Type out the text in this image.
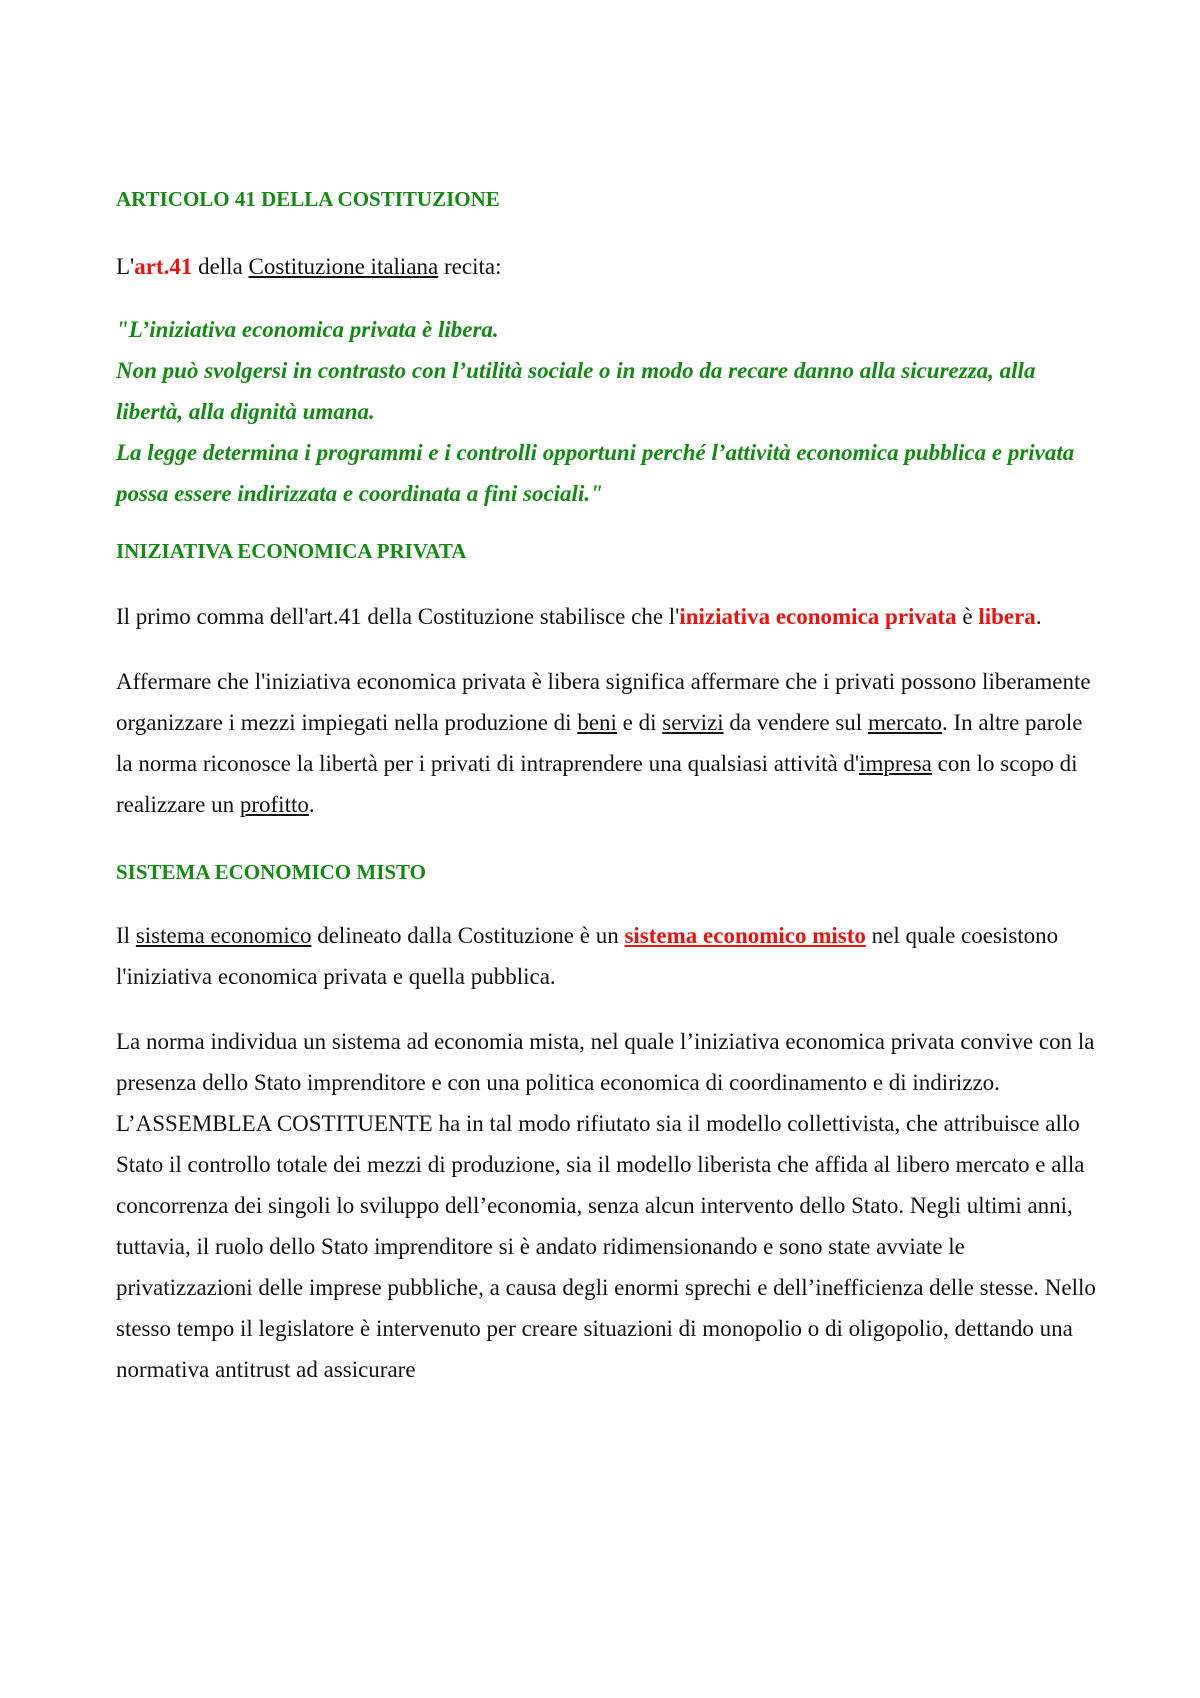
ARTICOLO 41 DELLA COSTITUZIONE

L'art.41 della Costituzione italiana recita:

"L’iniziativa economica privata è libera.

Non può svolgersi in contrasto con l’utilità sociale o in modo da recare danno alla sicurezza, alla libertà, alla dignità umana.

La legge determina i programmi e i controlli opportuni perché l’attività economica pubblica e privata possa essere indirizzata e coordinata a fini sociali."

INIZIATIVA ECONOMICA PRIVATA

Il primo comma dell'art.41 della Costituzione stabilisce che l'iniziativa economica privata è libera.

Affermare che l'iniziativa economica privata è libera significa affermare che i privati possono liberamente organizzare i mezzi impiegati nella produzione di beni e di servizi da vendere sul mercato. In altre parole la norma riconosce la libertà per i privati di intraprendere una qualsiasi attività d'impresa con lo scopo di realizzare un profitto.

SISTEMA ECONOMICO MISTO

Il sistema economico delineato dalla Costituzione è un sistema economico misto nel quale coesistono l'iniziativa economica privata e quella pubblica.

La norma individua un sistema ad economia mista, nel quale l’iniziativa economica privata convive con la presenza dello Stato imprenditore e con una politica economica di coordinamento e di indirizzo. L’ASSEMBLEA COSTITUENTE ha in tal modo rifiutato sia il modello collettivista, che attribuisce allo Stato il controllo totale dei mezzi di produzione, sia il modello liberista che affida al libero mercato e alla concorrenza dei singoli lo sviluppo dell’economia, senza alcun intervento dello Stato. Negli ultimi anni, tuttavia, il ruolo dello Stato imprenditore si è andato ridimensionando e sono state avviate le privatizzazioni delle imprese pubbliche, a causa degli enormi sprechi e dell’inefficienza delle stesse. Nello stesso tempo il legislatore è intervenuto per creare situazioni di monopolio o di oligopolio, dettando una normativa antitrust ad assicurare
